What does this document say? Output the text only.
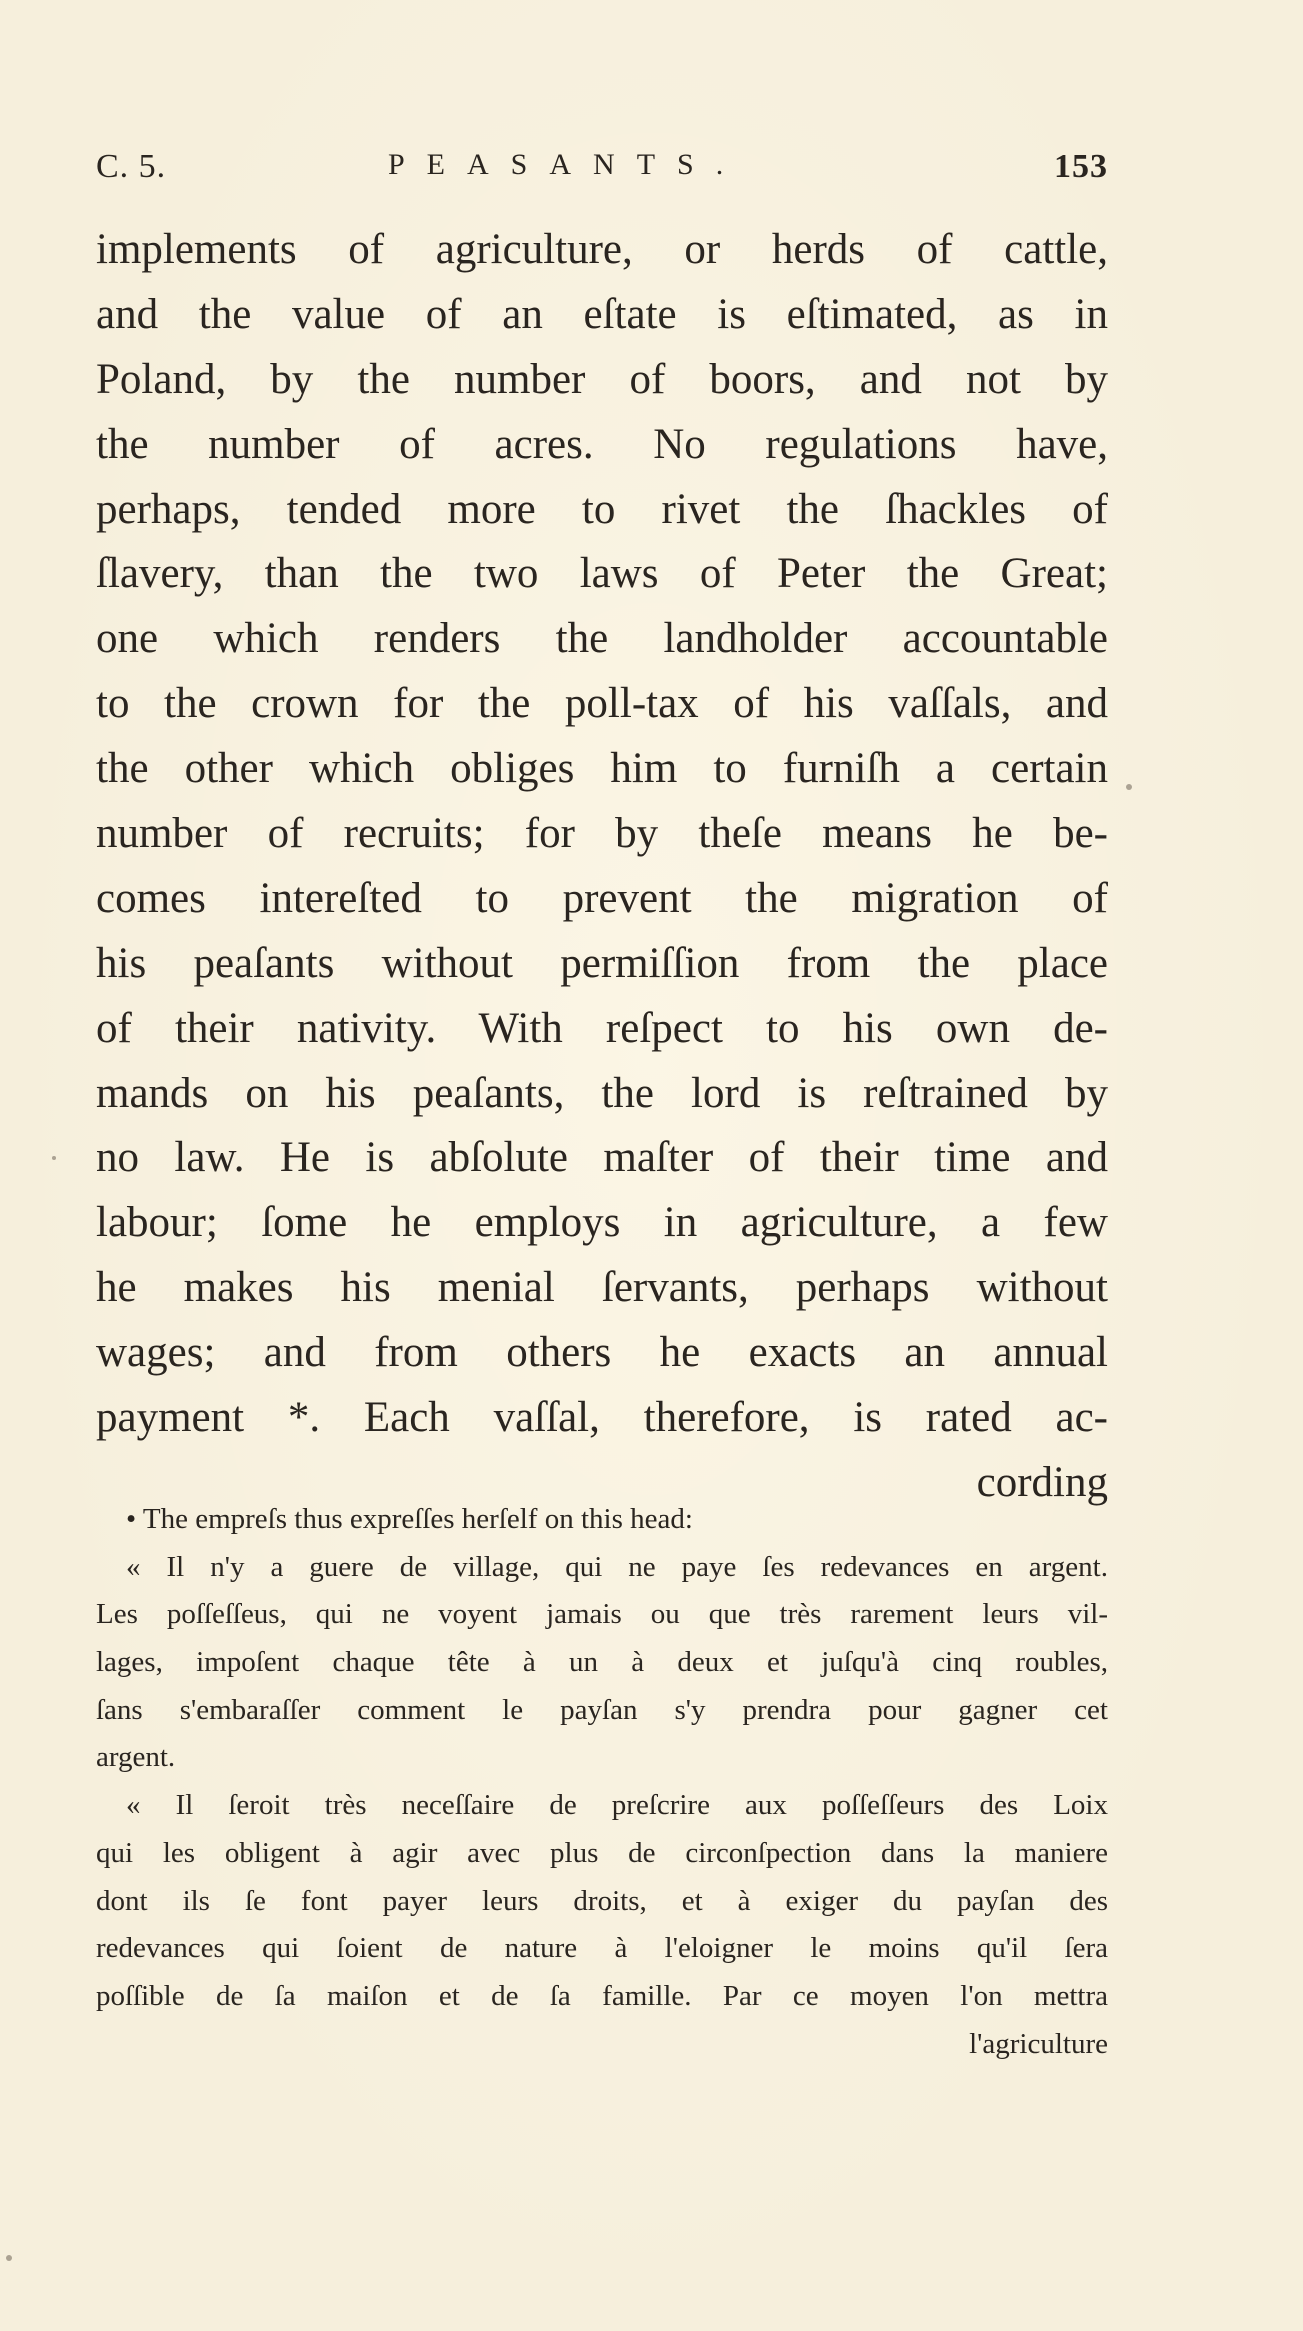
C. 5.	PEASANTS.	153
implements of agriculture, or herds of cattle,
and the value of an eſtate is eſtimated, as in
Poland, by the number of boors, and not by
the number of acres. No regulations have,
perhaps, tended more to rivet the ſhackles of
ſlavery, than the two laws of Peter the Great;
one which renders the landholder accountable
to the crown for the poll-tax of his vaſſals, and
the other which obliges him to furniſh a certain
number of recruits; for by theſe means he be-
comes intereſted to prevent the migration of
his peaſants without permiſſion from the place
of their nativity. With reſpect to his own de-
mands on his peaſants, the lord is reſtrained by
no law. He is abſolute maſter of their time and
labour; ſome he employs in agriculture, a few
he makes his menial ſervants, perhaps without
wages; and from others he exacts an annual
payment *. Each vaſſal, therefore, is rated ac-
cording
• The empreſs thus expreſſes herſelf on this head:
« Il n'y a guere de village, qui ne paye ſes redevances en argent.
Les poſſeſſeus, qui ne voyent jamais ou que très rarement leurs vil-
lages, impoſent chaque tête à un à deux et juſqu'à cinq roubles,
ſans s'embaraſſer comment le payſan s'y prendra pour gagner cet
argent.
« Il ſeroit très neceſſaire de preſcrire aux poſſeſſeurs des Loix
qui les obligent à agir avec plus de circonſpection dans la maniere
dont ils ſe font payer leurs droits, et à exiger du payſan des
redevances qui ſoient de nature à l'eloigner le moins qu'il ſera
poſſible de ſa maiſon et de ſa famille. Par ce moyen l'on mettra
l'agriculture
